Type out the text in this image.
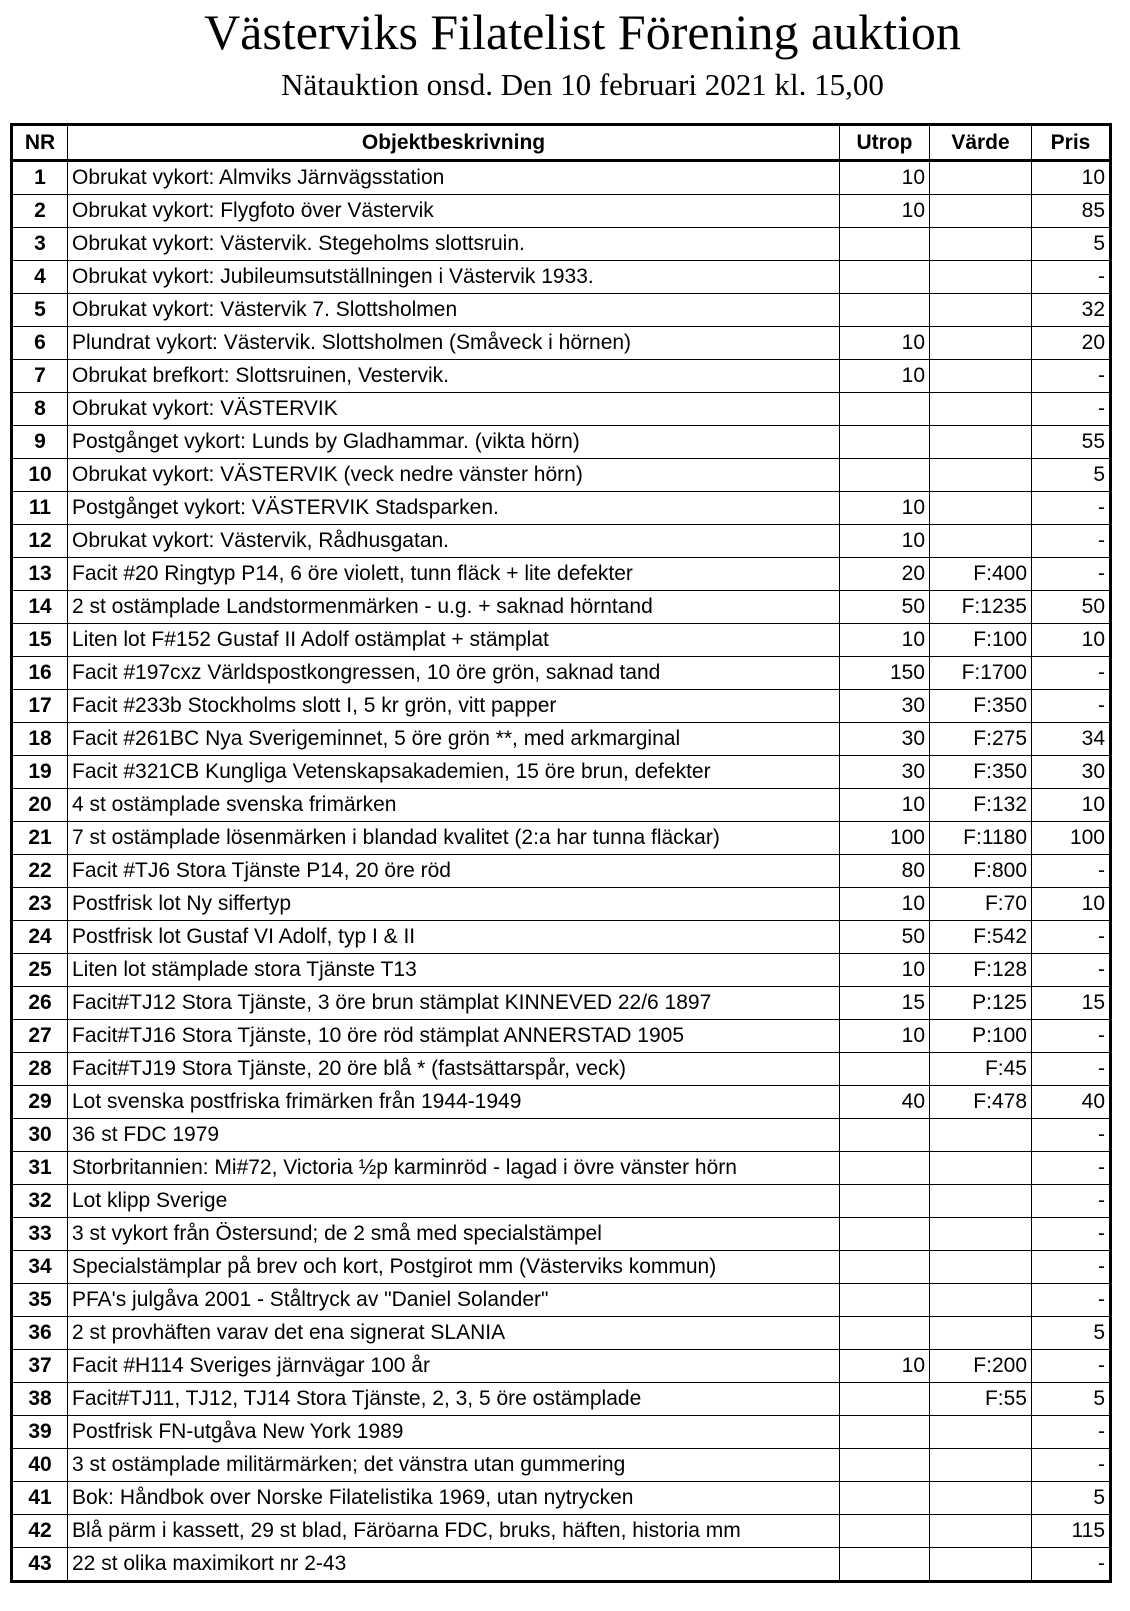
Västerviks Filatelist Förening auktion
Nätauktion onsd. Den 10 februari 2021 kl. 15,00
NR	Objektbeskrivning	Utrop	Värde	Pris
1	Obrukat vykort: Almviks Järnvägsstation	10		10
2	Obrukat vykort: Flygfoto över Västervik	10		85
3	Obrukat vykort: Västervik. Stegeholms slottsruin.			5
4	Obrukat vykort: Jubileumsutställningen i Västervik 1933.			-
5	Obrukat vykort: Västervik 7. Slottsholmen			32
6	Plundrat vykort: Västervik. Slottsholmen (Småveck i hörnen)	10		20
7	Obrukat brefkort: Slottsruinen, Vestervik.	10		-
8	Obrukat vykort: VÄSTERVIK			-
9	Postgånget vykort: Lunds by Gladhammar. (vikta hörn)			55
10	Obrukat vykort: VÄSTERVIK (veck nedre vänster hörn)			5
11	Postgånget vykort: VÄSTERVIK Stadsparken.	10		-
12	Obrukat vykort: Västervik, Rådhusgatan.	10		-
13	Facit #20 Ringtyp P14, 6 öre violett, tunn fläck + lite defekter	20	F:400	-
14	2 st ostämplade Landstormenmärken - u.g. + saknad hörntand	50	F:1235	50
15	Liten lot F#152 Gustaf II Adolf ostämplat + stämplat	10	F:100	10
16	Facit #197cxz Världspostkongressen, 10 öre grön, saknad tand	150	F:1700	-
17	Facit #233b Stockholms slott I, 5 kr grön, vitt papper	30	F:350	-
18	Facit #261BC Nya Sverigeminnet, 5 öre grön **, med arkmarginal	30	F:275	34
19	Facit #321CB Kungliga Vetenskapsakademien, 15 öre brun, defekter	30	F:350	30
20	4 st ostämplade svenska frimärken	10	F:132	10
21	7 st ostämplade lösenmärken i blandad kvalitet (2:a har tunna fläckar)	100	F:1180	100
22	Facit #TJ6 Stora Tjänste P14, 20 öre röd	80	F:800	-
23	Postfrisk lot Ny siffertyp	10	F:70	10
24	Postfrisk lot Gustaf VI Adolf, typ I & II	50	F:542	-
25	Liten lot stämplade stora Tjänste T13	10	F:128	-
26	Facit#TJ12 Stora Tjänste, 3 öre brun stämplat KINNEVED 22/6 1897	15	P:125	15
27	Facit#TJ16 Stora Tjänste, 10 öre röd stämplat ANNERSTAD 1905	10	P:100	-
28	Facit#TJ19 Stora Tjänste, 20 öre blå * (fastsättarspår, veck)		F:45	-
29	Lot svenska postfriska frimärken från 1944-1949	40	F:478	40
30	36 st FDC 1979			-
31	Storbritannien: Mi#72, Victoria ½p karminröd - lagad i övre vänster hörn			-
32	Lot klipp Sverige			-
33	3 st vykort från Östersund; de 2 små med specialstämpel			-
34	Specialstämplar på brev och kort, Postgirot mm (Västerviks kommun)			-
35	PFA's julgåva 2001 - Ståltryck av "Daniel Solander"			-
36	2 st provhäften varav det ena signerat SLANIA			5
37	Facit #H114 Sveriges järnvägar 100 år	10	F:200	-
38	Facit#TJ11, TJ12, TJ14 Stora Tjänste, 2, 3, 5 öre ostämplade		F:55	5
39	Postfrisk FN-utgåva New York 1989			-
40	3 st ostämplade militärmärken; det vänstra utan gummering			-
41	Bok: Håndbok over Norske Filatelistika 1969, utan nytrycken			5
42	Blå pärm i kassett, 29 st blad, Färöarna FDC, bruks, häften, historia mm			115
43	22 st olika maximikort nr 2-43			-
